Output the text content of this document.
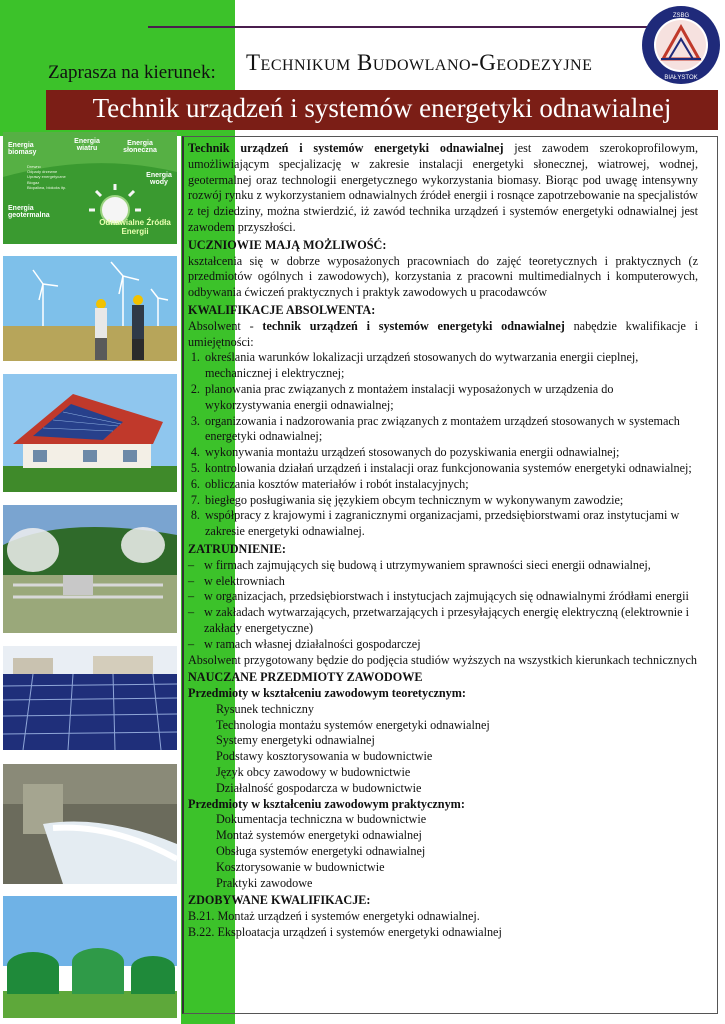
Zaprasza na kierunek: Technikum Budowlano-Geodezyjne
ZSBG
BIAŁYSTOK
Technik urządzeń i systemów energetyki odnawialnej
Energia biomasy
Energia wiatru
Energia słoneczna
Energia wody
Energia geotermalna
Drewno
Odpady drzewne
Uprawy energetyczne
Biogaz
Biopaliwa, biokoks itp.
Odnawialne Źródła Energii

Technik urządzeń i systemów energetyki odnawialnej jest zawodem szerokoprofilowym, umożliwiającym specjalizację w zakresie instalacji energetyki słonecznej, wiatrowej, wodnej, geotermalnej oraz technologii energetycznego wykorzystania biomasy. Biorąc pod uwagę intensywny rozwój rynku z wykorzystaniem odnawialnych źródeł energii i rosnące zapotrzebowanie na specjalistów z tej dziedziny, można stwierdzić, iż zawód technika urządzeń i systemów energetyki odnawialnej jest zawodem przyszłości.

UCZNIOWIE MAJĄ MOŻLIWOŚĆ:

kształcenia się w dobrze wyposażonych pracowniach do zajęć teoretycznych i praktycznych (z przedmiotów ogólnych i zawodowych), korzystania z pracowni multimedialnych i komputerowych, odbywania ćwiczeń praktycznych i praktyk zawodowych u pracodawców

KWALIFIKACJE ABSOLWENTA:

Absolwent - technik urządzeń i systemów energetyki odnawialnej nabędzie kwalifikacje i umiejętności:

1. określania warunków lokalizacji urządzeń stosowanych do wytwarzania energii cieplnej, mechanicznej i elektrycznej;
2. planowania prac związanych z montażem instalacji wyposażonych w urządzenia do wykorzystywania energii odnawialnej;
3. organizowania i nadzorowania prac związanych z montażem urządzeń stosowanych w systemach energetyki odnawialnej;
4. wykonywania montażu urządzeń stosowanych do pozyskiwania energii odnawialnej;
5. kontrolowania działań urządzeń i instalacji oraz funkcjonowania systemów energetyki odnawialnej;
6. obliczania kosztów materiałów i robót instalacyjnych;
7. biegłego posługiwania się językiem obcym technicznym w wykonywanym zawodzie;
8. współpracy z krajowymi i zagranicznymi organizacjami, przedsiębiorstwami oraz instytucjami w zakresie energetyki odnawialnej.
ZATRUDNIENIE:
– w firmach zajmujących się budową i utrzymywaniem sprawności sieci energii odnawialnej,
– w elektrowniach
– w organizacjach, przedsiębiorstwach i instytucjach zajmujących się odnawialnymi źródłami energii
– w zakładach wytwarzających, przetwarzających i przesyłających energię elektryczną (elektrownie i zakłady energetyczne)
– w ramach własnej działalności gospodarczej

Absolwent przygotowany będzie do podjęcia studiów wyższych na wszystkich kierunkach technicznych

NAUCZANE PRZEDMIOTY ZAWODOWE
Przedmioty w kształceniu zawodowym teoretycznym:
Rysunek techniczny
Technologia montażu systemów energetyki odnawialnej
Systemy energetyki odnawialnej
Podstawy kosztorysowania w budownictwie
Język obcy zawodowy w budownictwie
Działalność gospodarcza w budownictwie
Przedmioty w kształceniu zawodowym praktycznym:
Dokumentacja techniczna w budownictwie
Montaż systemów energetyki odnawialnej
Obsługa systemów energetyki odnawialnej
Kosztorysowanie w budownictwie
Praktyki zawodowe
ZDOBYWANE KWALIFIKACJE:
B.21. Montaż urządzeń i systemów energetyki odnawialnej.
B.22. Eksploatacja urządzeń i systemów energetyki odnawialnej
